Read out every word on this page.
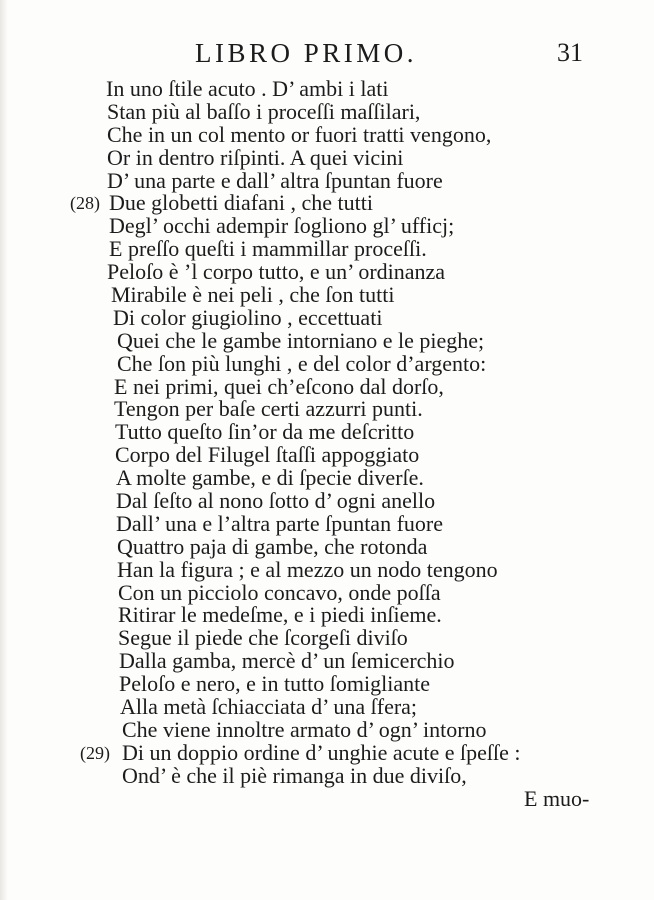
LIBRO PRIMO.	31
In uno ſtile acuto . D’ ambi i lati
Stan più al baſſo i proceſſi maſſilari,
Che in un col mento or fuori tratti vengono,
Or in dentro riſpinti. A quei vicini
D’ una parte e dall’ altra ſpuntan fuore
(28) Due globetti diafani , che tutti
Degl’ occhi adempir ſogliono gl’ ufficj;
E preſſo queſti i mammillar proceſſi.
Peloſo è ’l corpo tutto, e un’ ordinanza
Mirabile è nei peli , che ſon tutti
Di color giugiolino , eccettuati
Quei che le gambe intorniano e le pieghe;
Che ſon più lunghi , e del color d’argento:
E nei primi, quei ch’eſcono dal dorſo,
Tengon per baſe certi azzurri punti.
Tutto queſto ſin’or da me deſcritto
Corpo del Filugel ſtaſſi appoggiato
A molte gambe, e di ſpecie diverſe.
Dal ſeſto al nono ſotto d’ ogni anello
Dall’ una e l’altra parte ſpuntan fuore
Quattro paja di gambe, che rotonda
Han la figura ; e al mezzo un nodo tengono
Con un picciolo concavo, onde poſſa
Ritirar le medeſme, e i piedi inſieme.
Segue il piede che ſcorgeſi diviſo
Dalla gamba, mercè d’ un ſemicerchio
Peloſo e nero, e in tutto ſomigliante
Alla metà ſchiacciata d’ una ſfera;
Che viene innoltre armato d’ ogn’ intorno
(29) Di un doppio ordine d’ unghie acute e ſpeſſe :
Ond’ è che il piè rimanga in due diviſo,
E muo-
